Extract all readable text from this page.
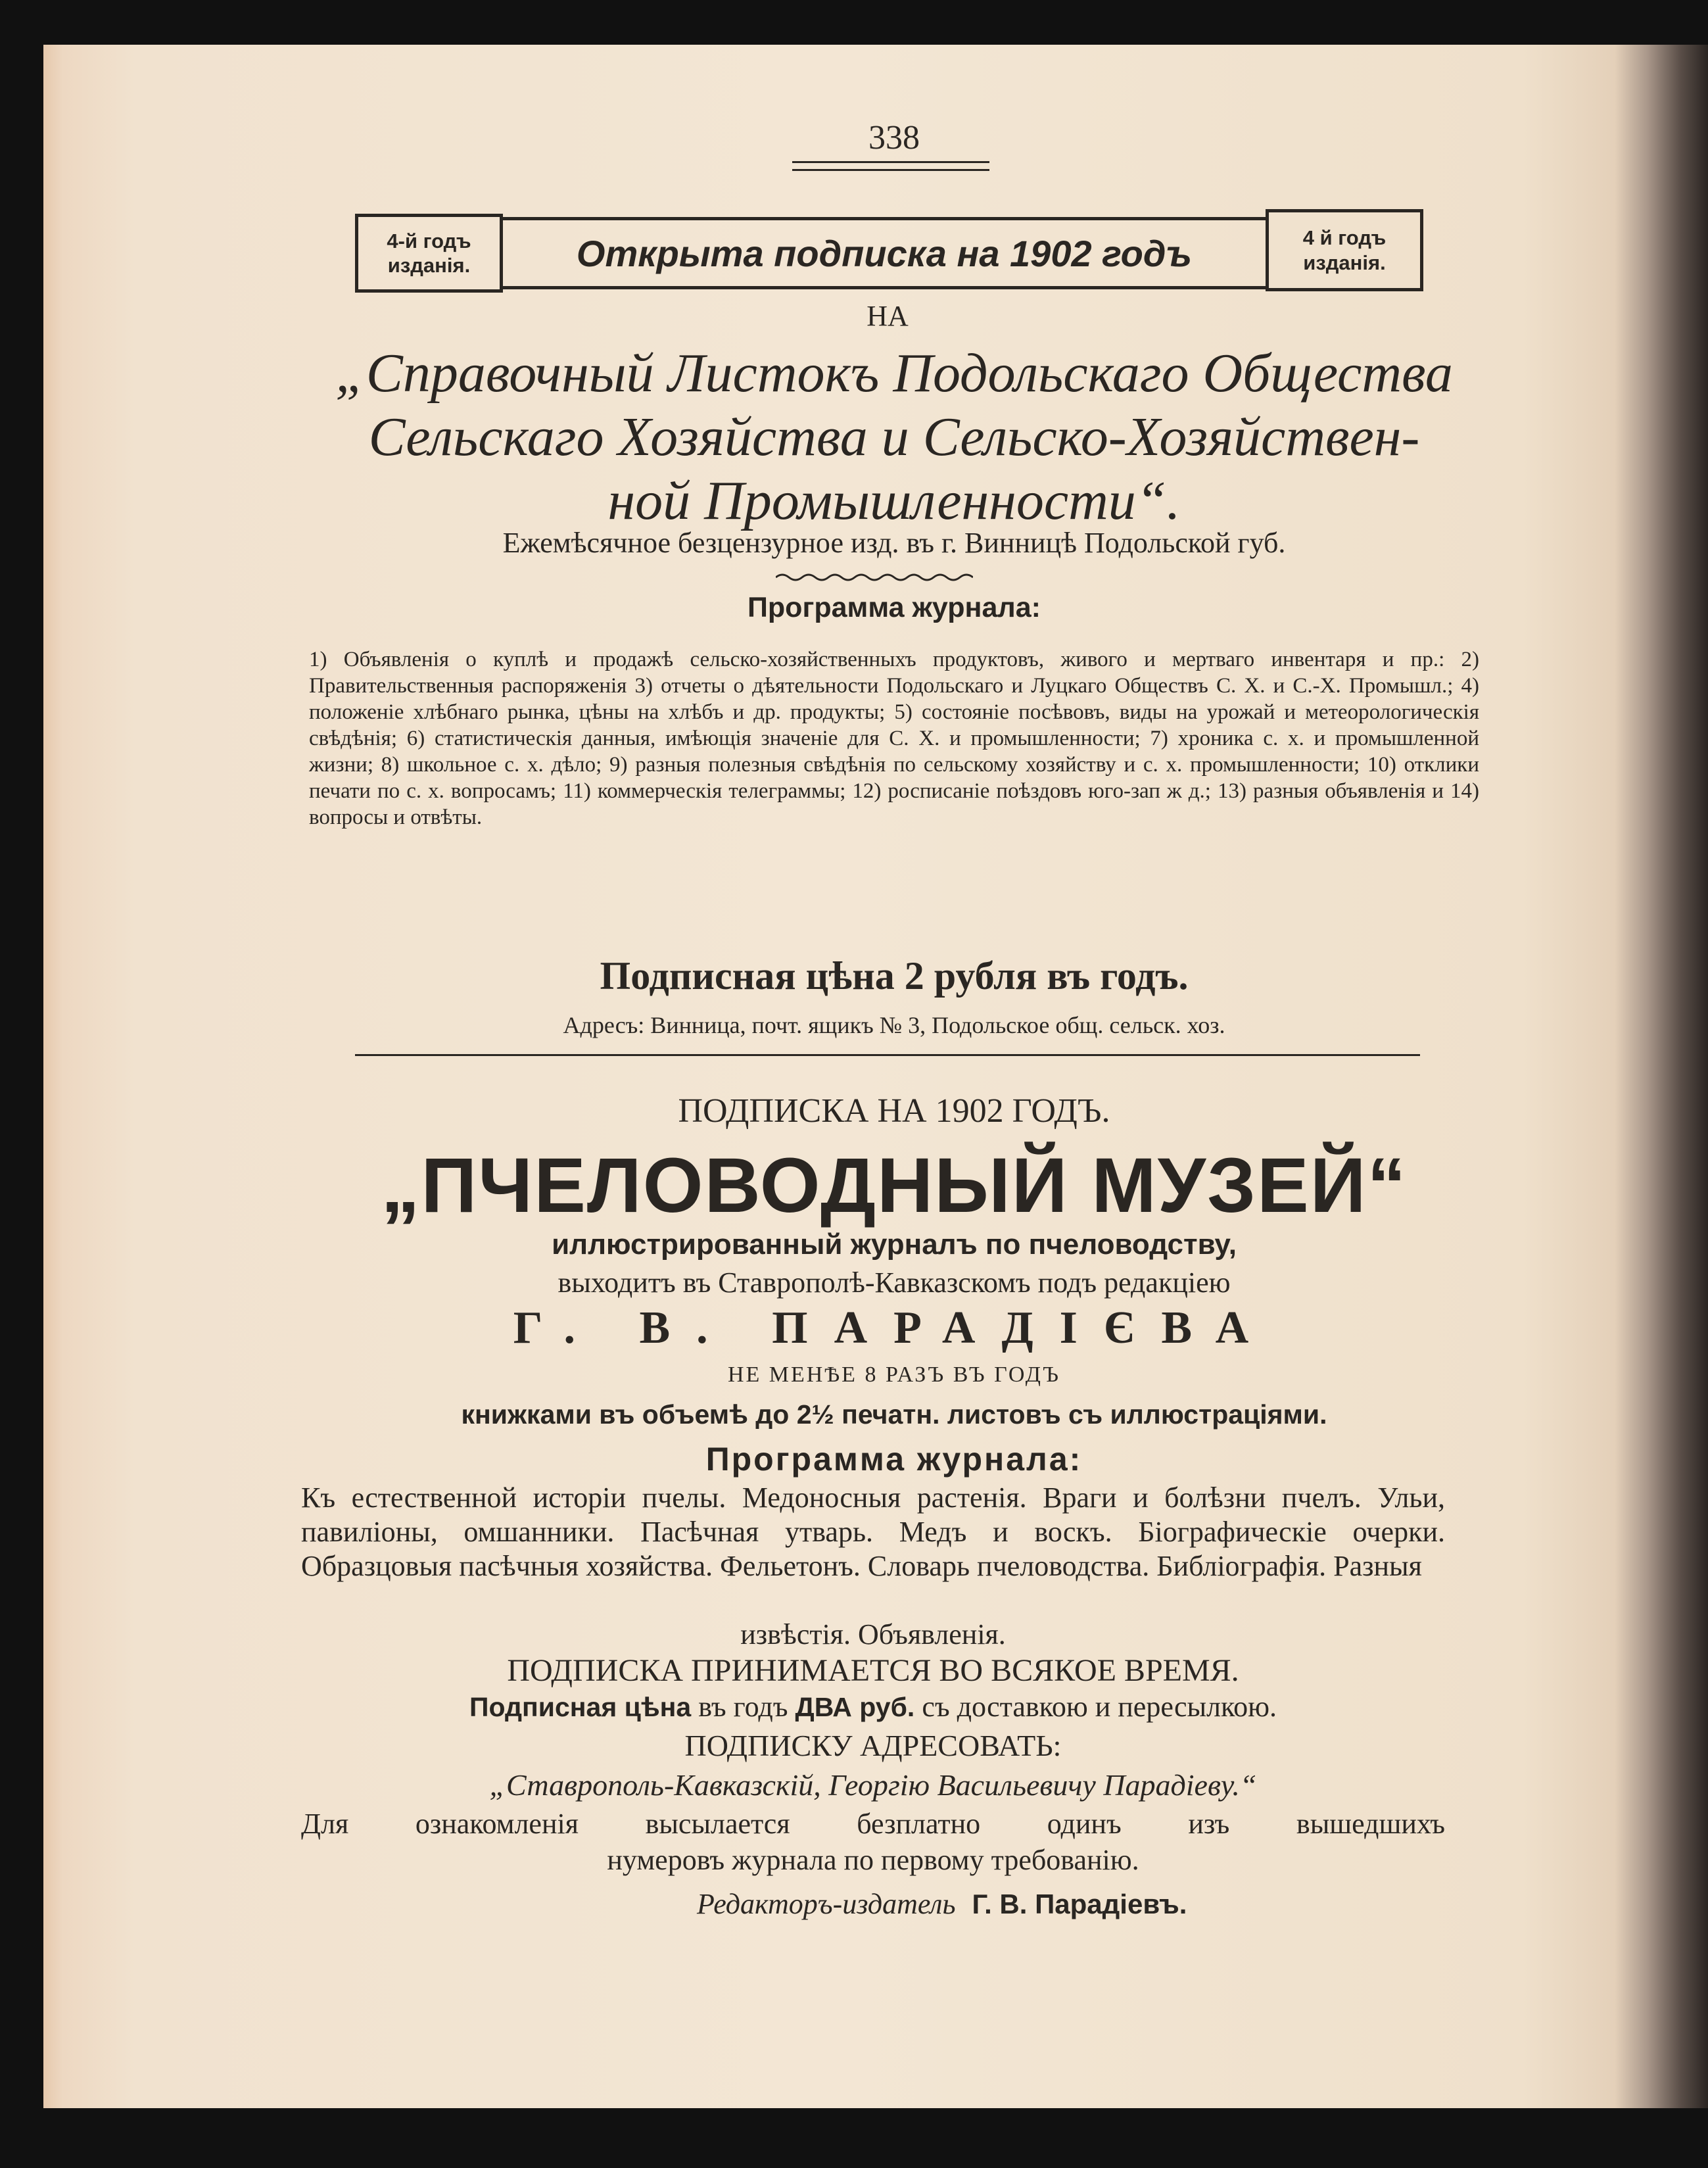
338
4-й годъ изданія.	Открыта подписка на 1902 годъ	4 й годъ изданія.
НА
„Справочный Листокъ Подольскаго Общества
Сельскаго Хозяйства и Сельско-Хозяйствен-
ной Промышленности“.
Ежемѣсячное безцензурное изд. въ г. Винницѣ Подольской губ.
Программа журнала:
1) Объявленія о куплѣ и продажѣ сельско-хозяйственныхъ продуктовъ, живого и мертваго инвентаря и пр.: 2) Правительственныя распоряженія 3) отчеты о дѣятельности Подольскаго и Луцкаго Обществъ С. Х. и С.-Х. Промышл.; 4) положеніе хлѣбнаго рынка, цѣны на хлѣбъ и др. продукты; 5) состояніе посѣвовъ, виды на урожай и метеорологическія свѣдѣнія; 6) статистическія данныя, имѣющія значеніе для С. Х. и промышленности; 7) хроника с. х. и промышленной жизни; 8) школьное с. х. дѣло; 9) разныя полезныя свѣдѣнія по сельскому хозяйству и с. х. промышленности; 10) отклики печати по с. х. вопросамъ; 11) коммерческія телеграммы; 12) росписаніе поѣздовъ юго-зап ж д.; 13) разныя объявленія и 14) вопросы и отвѣты.
Подписная цѣна 2 рубля въ годъ.
Адресъ: Винница, почт. ящикъ № 3, Подольское общ. сельск. хоз.
ПОДПИСКА НА 1902 ГОДЪ.
„ПЧЕЛОВОДНЫЙ МУЗЕЙ“
иллюстрированный журналъ по пчеловодству,
выходитъ въ Ставрополѣ-Кавказскомъ подъ редакціею
Г. В. ПАРАДІЄВА
НЕ МЕНѢЕ 8 РАЗЪ ВЪ ГОДЪ
книжками въ объемѣ до 2½ печатн. листовъ съ иллюстраціями.
Программа журнала:
Къ естественной исторіи пчелы. Медоносныя растенія. Враги и болѣзни пчелъ. Ульи, павиліоны, омшанники. Пасѣчная утварь. Медъ и воскъ. Біографическіе очерки. Образцовыя пасѣчныя хозяйства. Фельетонъ. Словарь пчеловодства. Библіографія. Разныя
извѣстія. Объявленія.
ПОДПИСКА ПРИНИМАЕТСЯ ВО ВСЯКОЕ ВРЕМЯ.
Подписная цѣна въ годъ ДВА руб. съ доставкою и пересылкою.
ПОДПИСКУ АДРЕСОВАТЬ:
„Ставрополь-Кавказскій, Георгію Васильевичу Парадіеву.“
Для ознакомленія высылается безплатно одинъ изъ вышедшихъ
нумеровъ журнала по первому требованію.
Редакторъ-издатель Г. В. Парадіевъ.
